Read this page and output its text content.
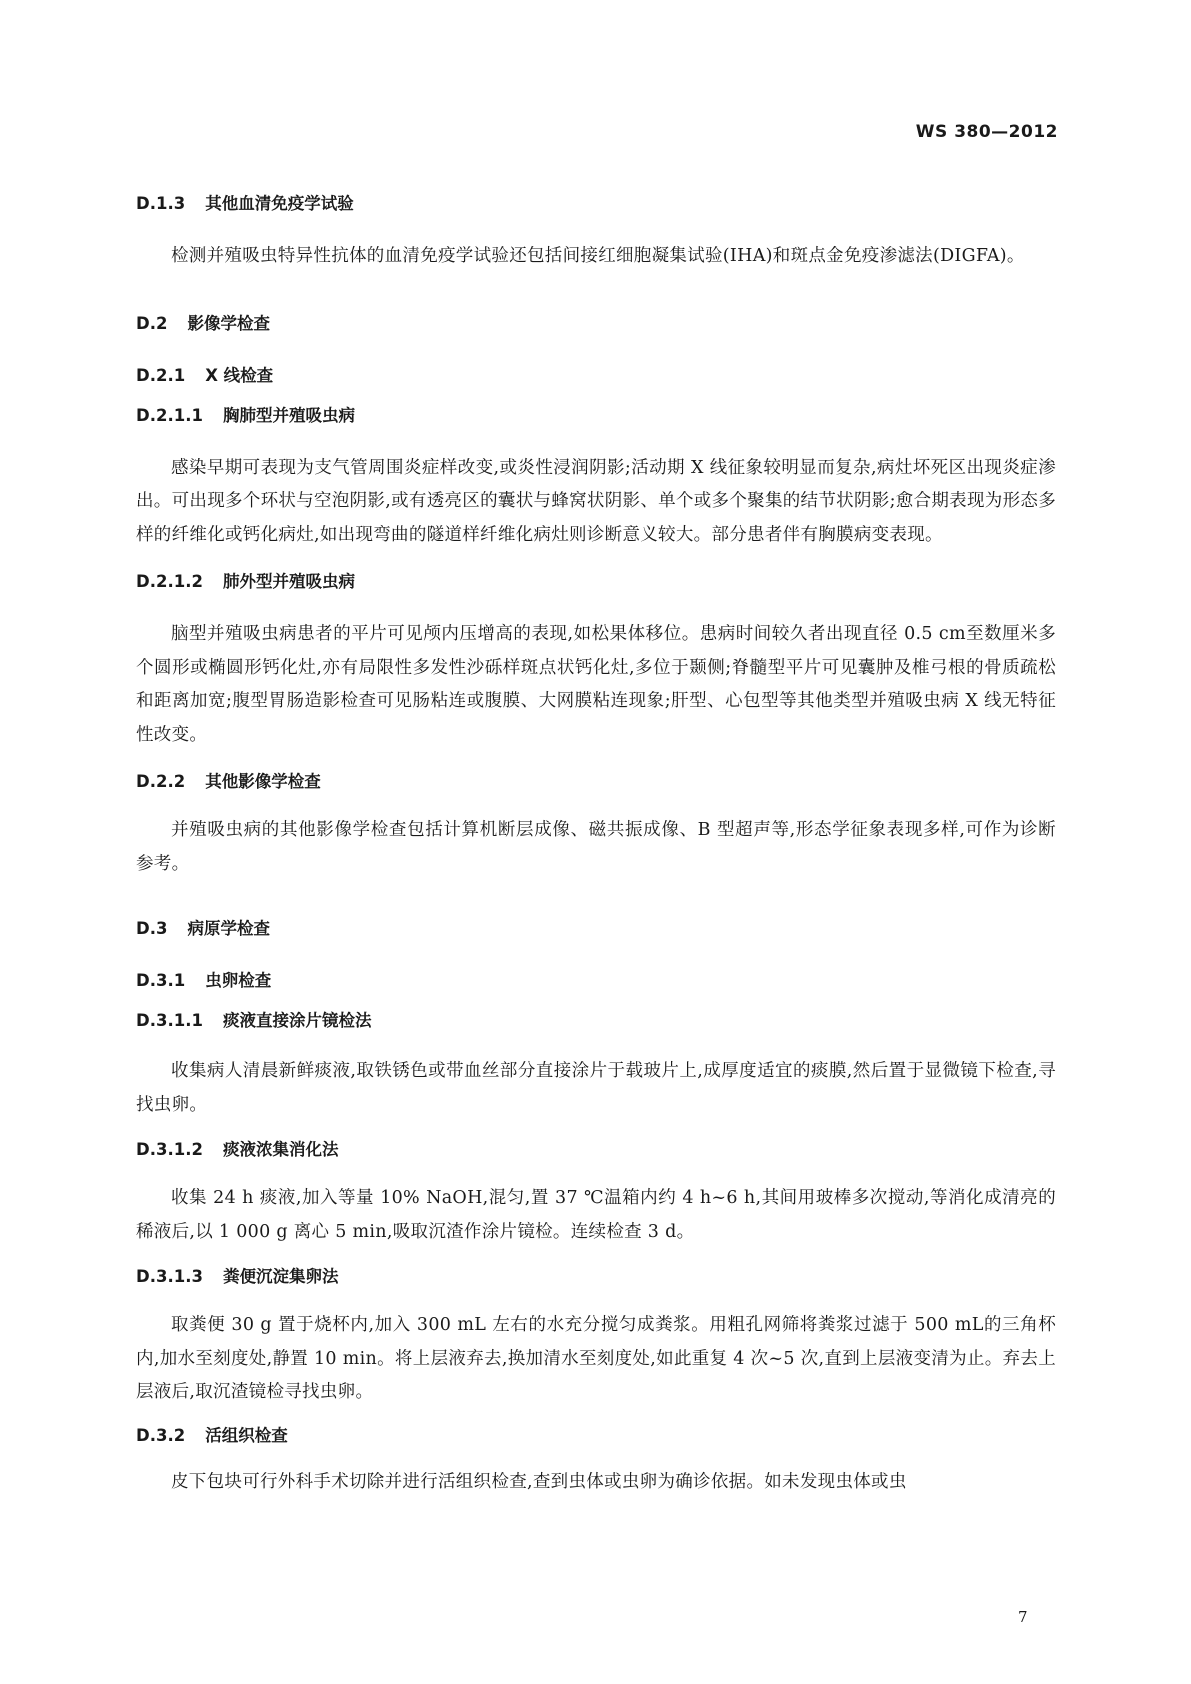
WS 380—2012
D.1.3 其他血清免疫学试验

检测并殖吸虫特异性抗体的血清免疫学试验还包括间接红细胞凝集试验(IHA)和斑点金免疫渗滤法(DIGFA)。

D.2 影像学检查
D.2.1 X 线检查
D.2.1.1 胸肺型并殖吸虫病

感染早期可表现为支气管周围炎症样改变,或炎性浸润阴影;活动期 X 线征象较明显而复杂,病灶坏死区出现炎症渗出。可出现多个环状与空泡阴影,或有透亮区的囊状与蜂窝状阴影、单个或多个聚集的结节状阴影;愈合期表现为形态多样的纤维化或钙化病灶,如出现弯曲的隧道样纤维化病灶则诊断意义较大。部分患者伴有胸膜病变表现。

D.2.1.2 肺外型并殖吸虫病

脑型并殖吸虫病患者的平片可见颅内压增高的表现,如松果体移位。患病时间较久者出现直径 0.5 cm至数厘米多个圆形或椭圆形钙化灶,亦有局限性多发性沙砾样斑点状钙化灶,多位于颞侧;脊髓型平片可见囊肿及椎弓根的骨质疏松和距离加宽;腹型胃肠造影检查可见肠粘连或腹膜、大网膜粘连现象;肝型、心包型等其他类型并殖吸虫病 X 线无特征性改变。

D.2.2 其他影像学检查

并殖吸虫病的其他影像学检查包括计算机断层成像、磁共振成像、B 型超声等,形态学征象表现多样,可作为诊断参考。

D.3 病原学检查
D.3.1 虫卵检查
D.3.1.1 痰液直接涂片镜检法

收集病人清晨新鲜痰液,取铁锈色或带血丝部分直接涂片于载玻片上,成厚度适宜的痰膜,然后置于显微镜下检查,寻找虫卵。

D.3.1.2 痰液浓集消化法

收集 24 h 痰液,加入等量 10% NaOH,混匀,置 37 ℃温箱内约 4 h~6 h,其间用玻棒多次搅动,等消化成清亮的稀液后,以 1 000 g 离心 5 min,吸取沉渣作涂片镜检。连续检查 3 d。

D.3.1.3 粪便沉淀集卵法

取粪便 30 g 置于烧杯内,加入 300 mL 左右的水充分搅匀成粪浆。用粗孔网筛将粪浆过滤于 500 mL的三角杯内,加水至刻度处,静置 10 min。将上层液弃去,换加清水至刻度处,如此重复 4 次~5 次,直到上层液变清为止。弃去上层液后,取沉渣镜检寻找虫卵。

D.3.2 活组织检查

皮下包块可行外科手术切除并进行活组织检查,查到虫体或虫卵为确诊依据。如未发现虫体或虫

7
